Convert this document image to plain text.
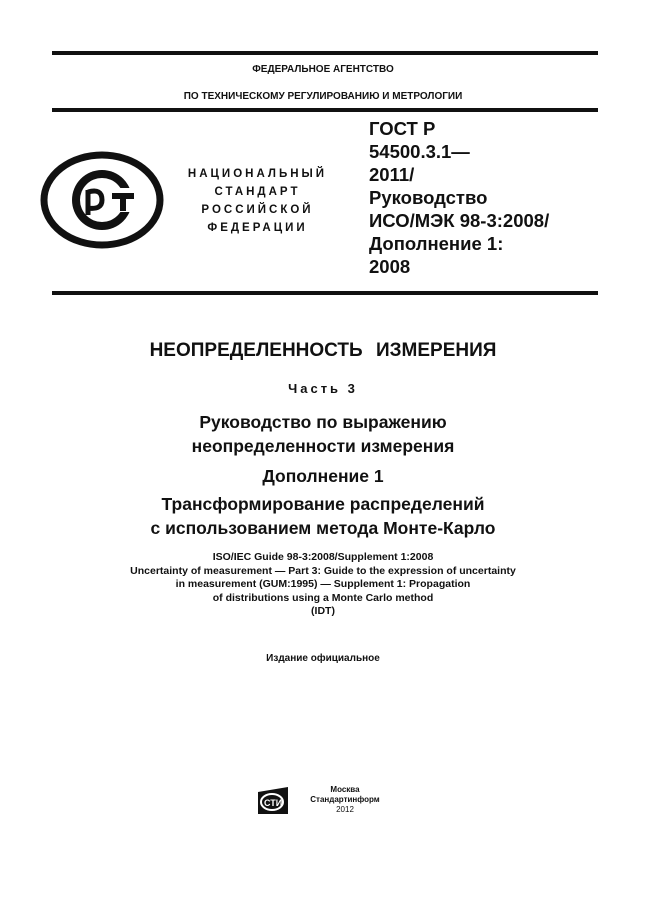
ФЕДЕРАЛЬНОЕ АГЕНТСТВО
ПО ТЕХНИЧЕСКОМУ РЕГУЛИРОВАНИЮ И МЕТРОЛОГИИ
НАЦИОНАЛЬНЫЙ
СТАНДАРТ
РОССИЙСКОЙ
ФЕДЕРАЦИИ
ГОСТ Р
54500.3.1—
2011/
Руководство
ИСО/МЭК 98-3:2008/
Дополнение 1:
2008
НЕОПРЕДЕЛЕННОСТЬ ИЗМЕРЕНИЯ
Часть 3
Руководство по выражению
неопределенности измерения
Дополнение 1
Трансформирование распределений
с использованием метода Монте-Карло
ISO/IEC Guide 98-3:2008/Supplement 1:2008
Uncertainty of measurement — Part 3: Guide to the expression of uncertainty
in measurement (GUM:1995) — Supplement 1: Propagation
of distributions using a Monte Carlo method
(IDT)
Издание официальное
СТИ
Москва
Стандартинформ
2012
